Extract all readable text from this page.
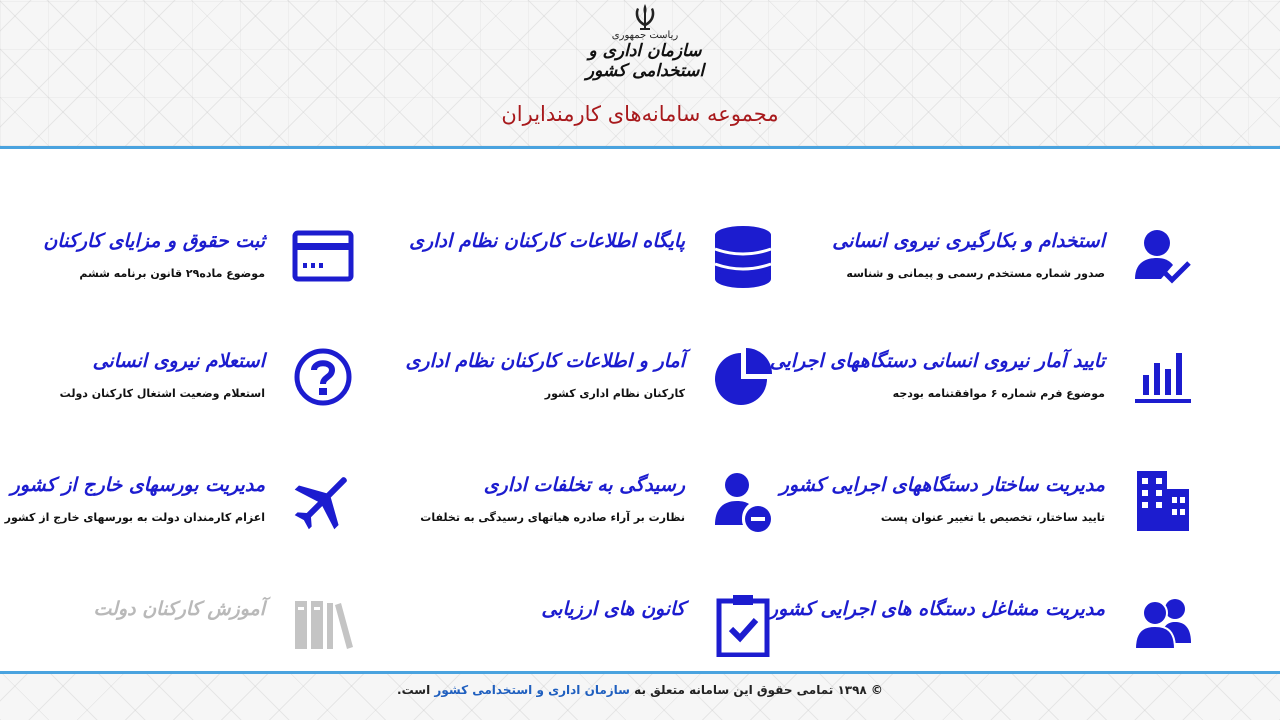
ریاست جمهوری
سازمان اداری و استخدامی کشور
مجموعه سامانه‌های کارمندایران
استخدام و بکارگیری نیروی انسانی
صدور شماره مستخدم رسمی و پیمانی و شناسه
پایگاه اطلاعات کارکنان نظام اداری
ثبت حقوق و مزایای کارکنان
موضوع ماده۲۹ قانون برنامه ششم
تایید آمار نیروی انسانی دستگاههای اجرایی
موضوع فرم شماره ۶ موافقتنامه بودجه
آمار و اطلاعات کارکنان نظام اداری
کارکنان نظام اداری کشور
استعلام نیروی انسانی
استعلام وضعیت اشتغال کارکنان دولت
مدیریت ساختار دستگاههای اجرایی کشور
تایید ساختار، تخصیص یا تغییر عنوان پست
رسیدگی به تخلفات اداری
نظارت بر آراء صادره هیاتهای رسیدگی به تخلفات
مدیریت بورسهای خارج از کشور
اعزام کارمندان دولت به بورسهای خارج از کشور
مدیریت مشاغل دستگاه های اجرایی کشور
کانون های ارزیابی
آموزش کارکنان دولت
© ۱۳۹۸ تمامی حقوق این سامانه متعلق به سازمان اداری و استخدامی کشور است.
